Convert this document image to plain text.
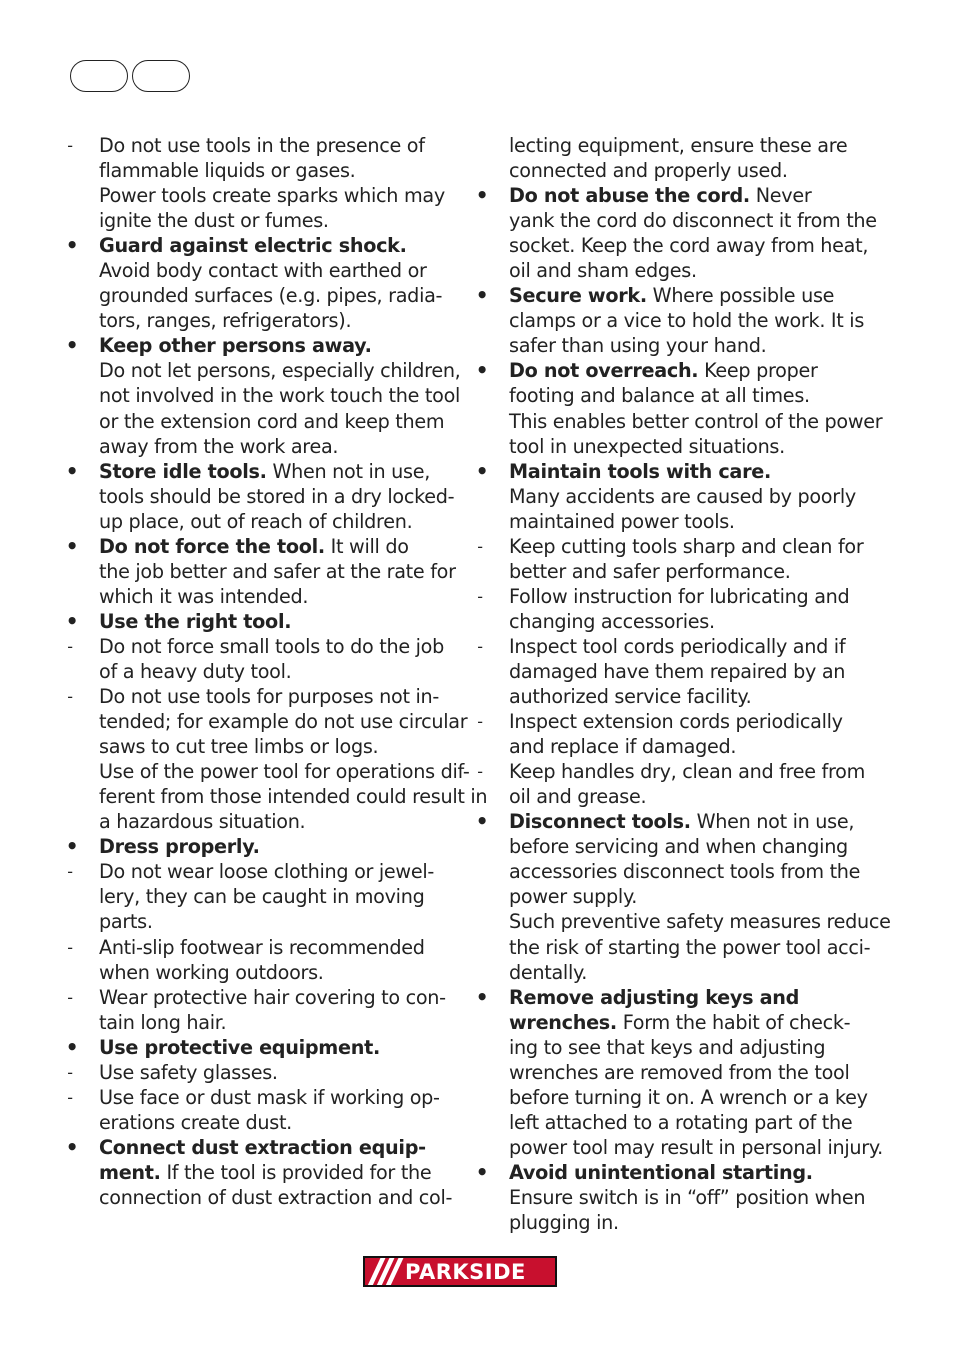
-	Do not use tools in the presence of
flammable liquids or gases.
Power tools create sparks which may
ignite the dust or fumes.
•	Guard against electric shock.
Avoid body contact with earthed or
grounded surfaces (e.g. pipes, radia-
tors, ranges, refrigerators).
•	Keep other persons away.
Do not let persons, especially children,
not involved in the work touch the tool
or the extension cord and keep them
away from the work area.
•	Store idle tools. When not in use,
tools should be stored in a dry locked-
up place, out of reach of children.
•	Do not force the tool. It will do
the job better and safer at the rate for
which it was intended.
•	Use the right tool.
-	Do not force small tools to do the job
of a heavy duty tool.
-	Do not use tools for purposes not in-
tended; for example do not use circular
saws to cut tree limbs or logs.
Use of the power tool for operations dif-
ferent from those intended could result in
a hazardous situation.
•	Dress properly.
-	Do not wear loose clothing or jewel-
lery, they can be caught in moving
parts.
-	Anti-slip footwear is recommended
when working outdoors.
-	Wear protective hair covering to con-
tain long hair.
•	Use protective equipment.
-	Use safety glasses.
-	Use face or dust mask if working op-
erations create dust.
•	Connect dust extraction equip-
ment. If the tool is provided for the
connection of dust extraction and col-
lecting equipment, ensure these are
connected and properly used.
•	Do not abuse the cord. Never
yank the cord do disconnect it from the
socket. Keep the cord away from heat,
oil and sham edges.
•	Secure work. Where possible use
clamps or a vice to hold the work. It is
safer than using your hand.
•	Do not overreach. Keep proper
footing and balance at all times.
This enables better control of the power
tool in unexpected situations.
•	Maintain tools with care.
Many accidents are caused by poorly
maintained power tools.
-	Keep cutting tools sharp and clean for
better and safer performance.
-	Follow instruction for lubricating and
changing accessories.
-	Inspect tool cords periodically and if
damaged have them repaired by an
authorized service facility.
-	Inspect extension cords periodically
and replace if damaged.
-	Keep handles dry, clean and free from
oil and grease.
•	Disconnect tools. When not in use,
before servicing and when changing
accessories disconnect tools from the
power supply.
Such preventive safety measures reduce
the risk of starting the power tool acci-
dentally.
•	Remove adjusting keys and
wrenches. Form the habit of check-
ing to see that keys and adjusting
wrenches are removed from the tool
before turning it on. A wrench or a key
left attached to a rotating part of the
power tool may result in personal injury.
•	Avoid unintentional starting.
Ensure switch is in “off” position when
plugging in.
PARKSIDE
